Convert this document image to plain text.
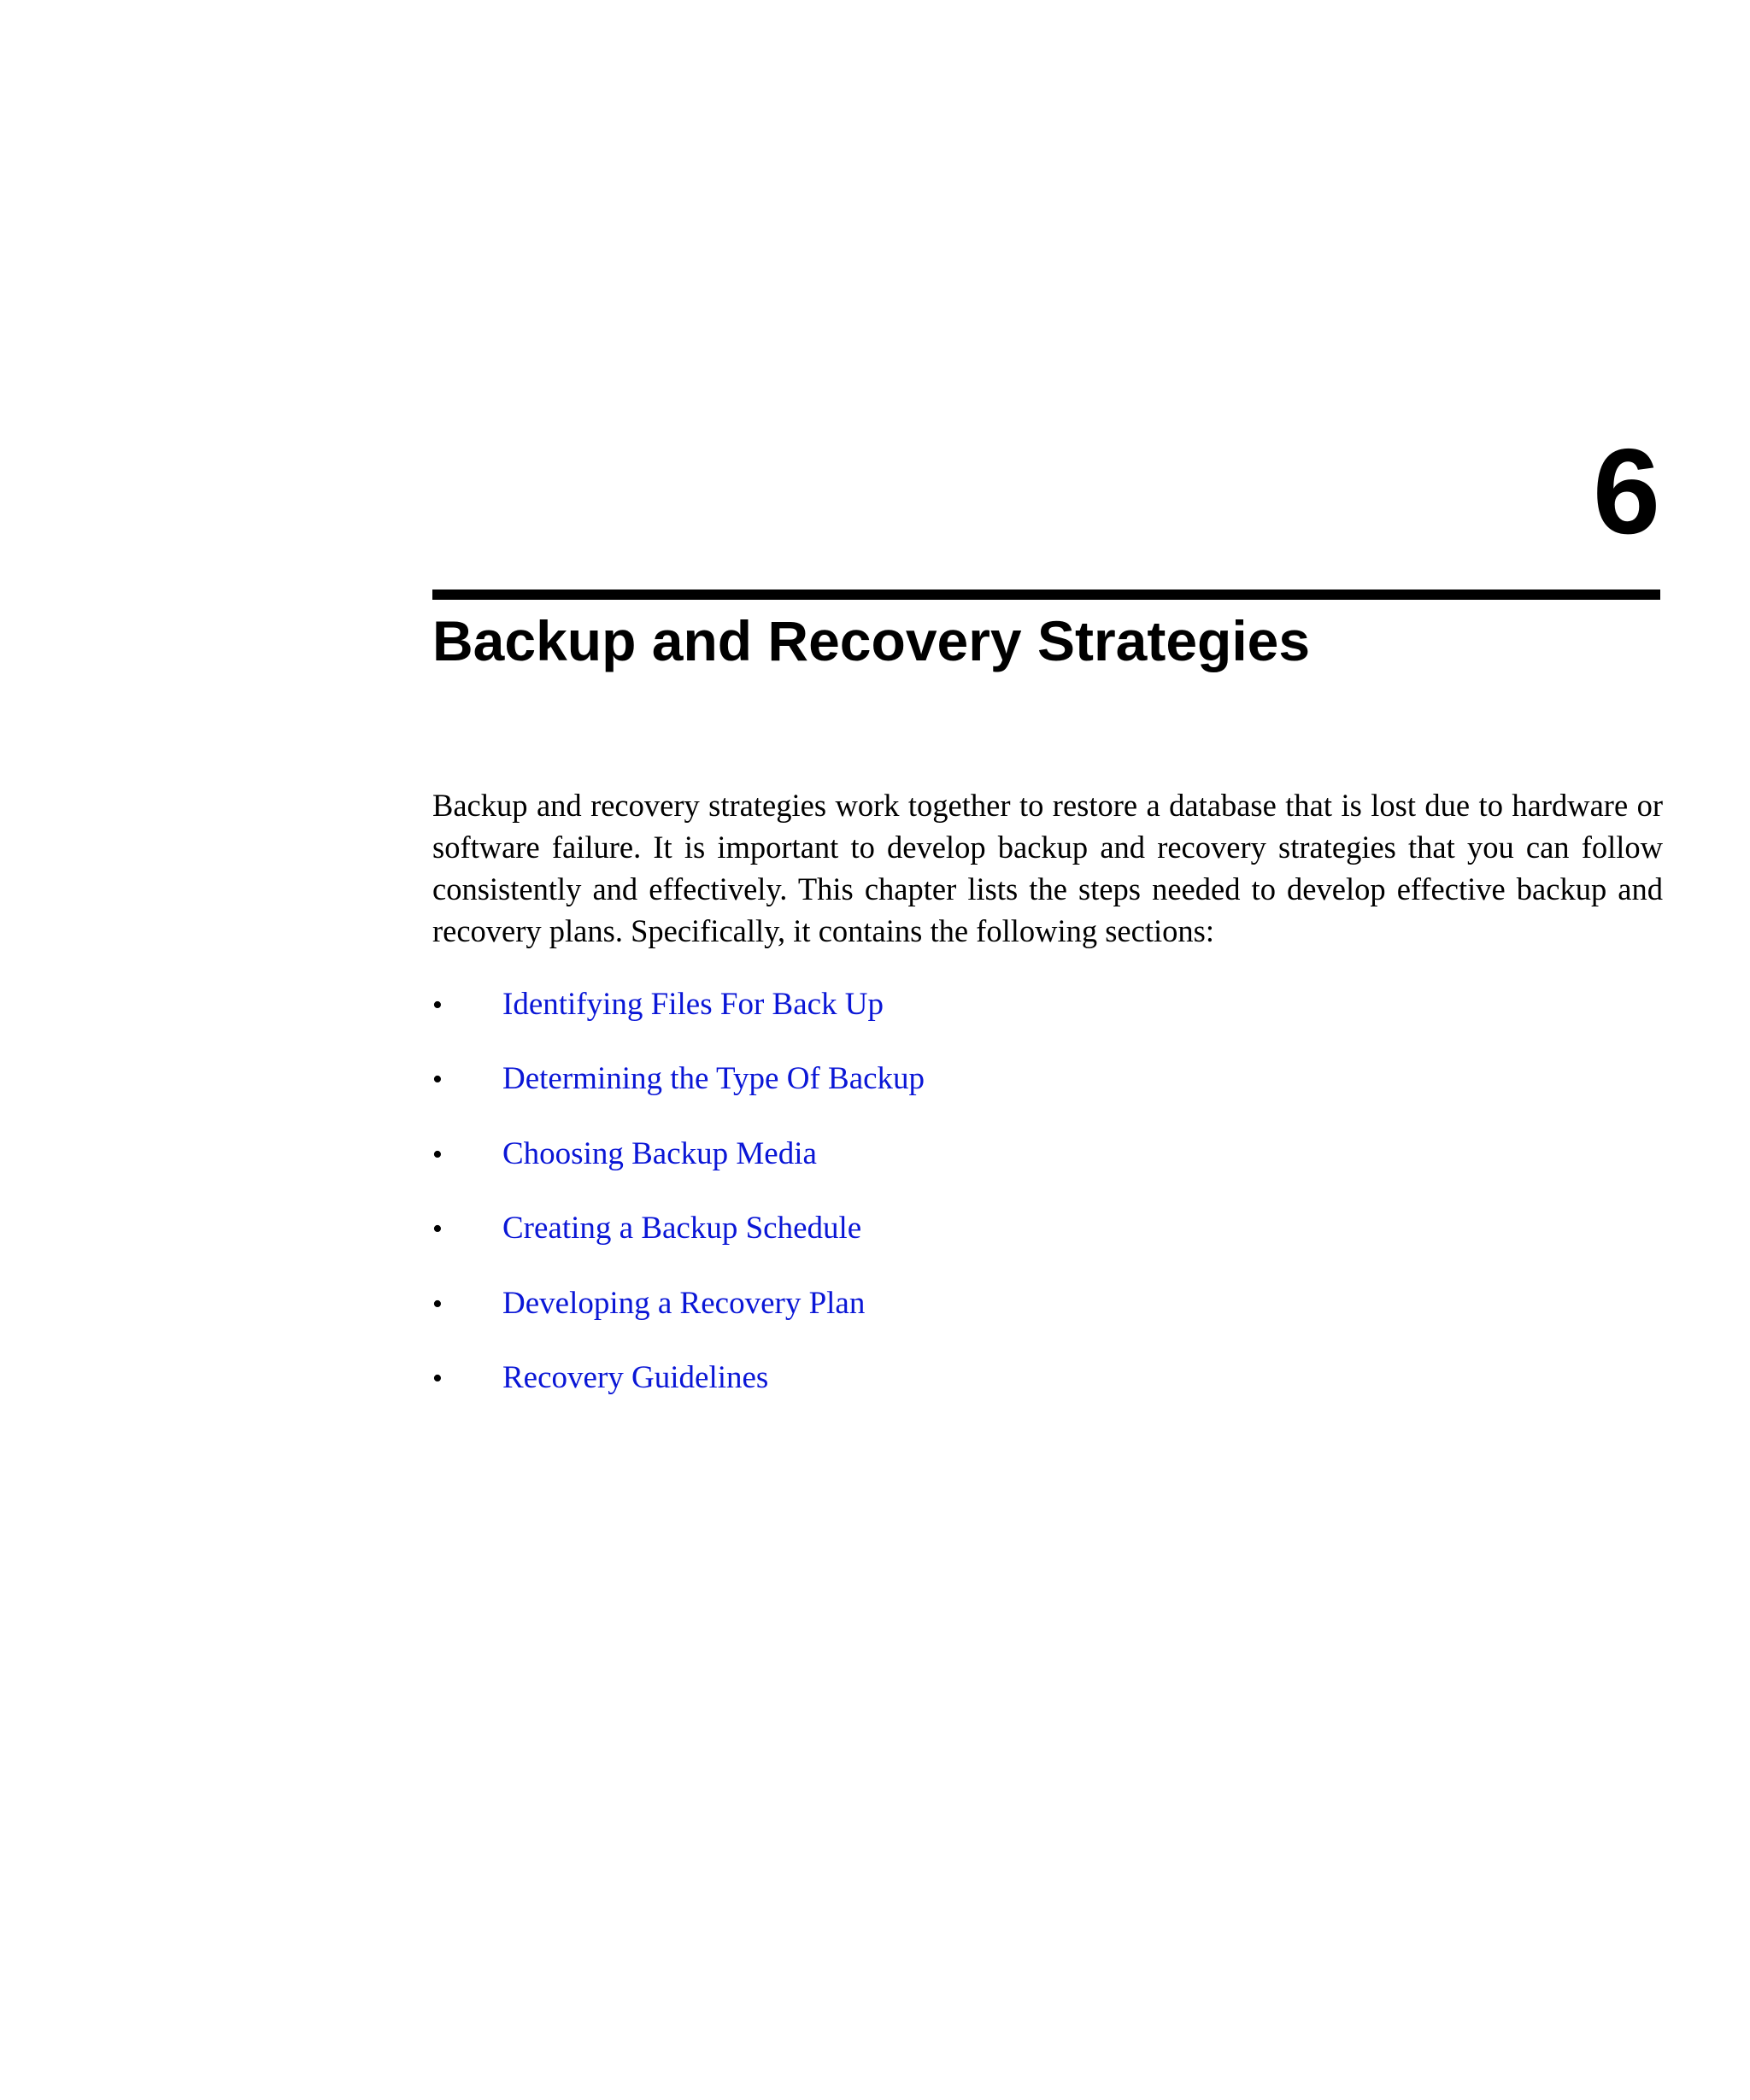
6
Backup and Recovery Strategies

Backup and recovery strategies work together to restore a database that is lost due to hardware or software failure. It is important to develop backup and recovery strategies that you can follow consistently and effectively. This chapter lists the steps needed to develop effective backup and recovery plans. Specifically, it contains the following sections:

•	Identifying Files For Back Up
•	Determining the Type Of Backup
•	Choosing Backup Media
•	Creating a Backup Schedule
•	Developing a Recovery Plan
•	Recovery Guidelines
